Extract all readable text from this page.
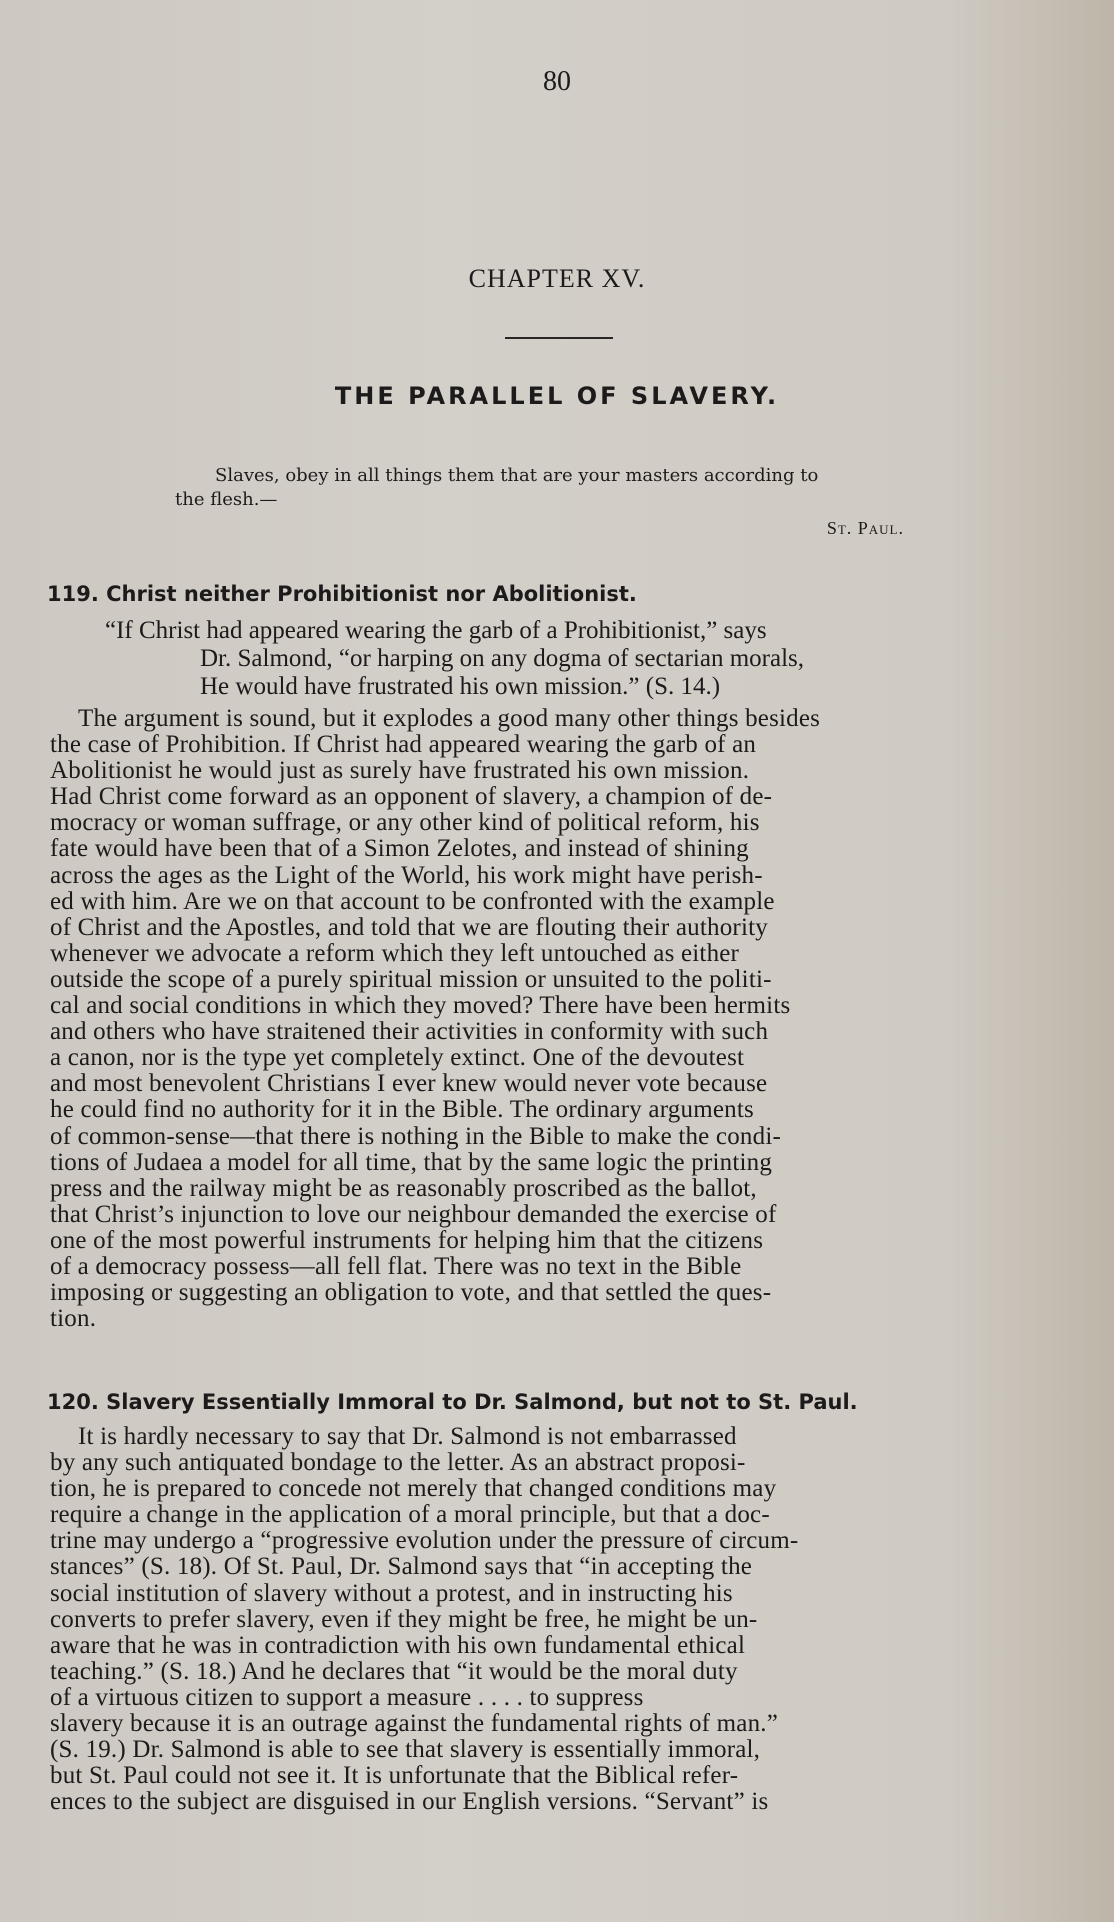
80
CHAPTER XV.
THE PARALLEL OF SLAVERY.
Slaves, obey in all things them that are your masters according to
the flesh.—
St. Paul.
119. Christ neither Prohibitionist nor Abolitionist.
“If Christ had appeared wearing the garb of a Prohibitionist,” says
Dr. Salmond, “or harping on any dogma of sectarian morals,
He would have frustrated his own mission.” (S. 14.)
The argument is sound, but it explodes a good many other things besides
the case of Prohibition. If Christ had appeared wearing the garb of an
Abolitionist he would just as surely have frustrated his own mission.
Had Christ come forward as an opponent of slavery, a champion of de-
mocracy or woman suffrage, or any other kind of political reform, his
fate would have been that of a Simon Zelotes, and instead of shining
across the ages as the Light of the World, his work might have perish-
ed with him. Are we on that account to be confronted with the example
of Christ and the Apostles, and told that we are flouting their authority
whenever we advocate a reform which they left untouched as either
outside the scope of a purely spiritual mission or unsuited to the politi-
cal and social conditions in which they moved? There have been hermits
and others who have straitened their activities in conformity with such
a canon, nor is the type yet completely extinct. One of the devoutest
and most benevolent Christians I ever knew would never vote because
he could find no authority for it in the Bible. The ordinary arguments
of common-sense—that there is nothing in the Bible to make the condi-
tions of Judaea a model for all time, that by the same logic the printing
press and the railway might be as reasonably proscribed as the ballot,
that Christ’s injunction to love our neighbour demanded the exercise of
one of the most powerful instruments for helping him that the citizens
of a democracy possess—all fell flat. There was no text in the Bible
imposing or suggesting an obligation to vote, and that settled the ques-
tion.
120. Slavery Essentially Immoral to Dr. Salmond, but not to St. Paul.
It is hardly necessary to say that Dr. Salmond is not embarrassed
by any such antiquated bondage to the letter. As an abstract proposi-
tion, he is prepared to concede not merely that changed conditions may
require a change in the application of a moral principle, but that a doc-
trine may undergo a “progressive evolution under the pressure of circum-
stances” (S. 18). Of St. Paul, Dr. Salmond says that “in accepting the
social institution of slavery without a protest, and in instructing his
converts to prefer slavery, even if they might be free, he might be un-
aware that he was in contradiction with his own fundamental ethical
teaching.” (S. 18.) And he declares that “it would be the moral duty
of a virtuous citizen to support a measure . . . . to suppress
slavery because it is an outrage against the fundamental rights of man.”
(S. 19.) Dr. Salmond is able to see that slavery is essentially immoral,
but St. Paul could not see it. It is unfortunate that the Biblical refer-
ences to the subject are disguised in our English versions. “Servant” is
